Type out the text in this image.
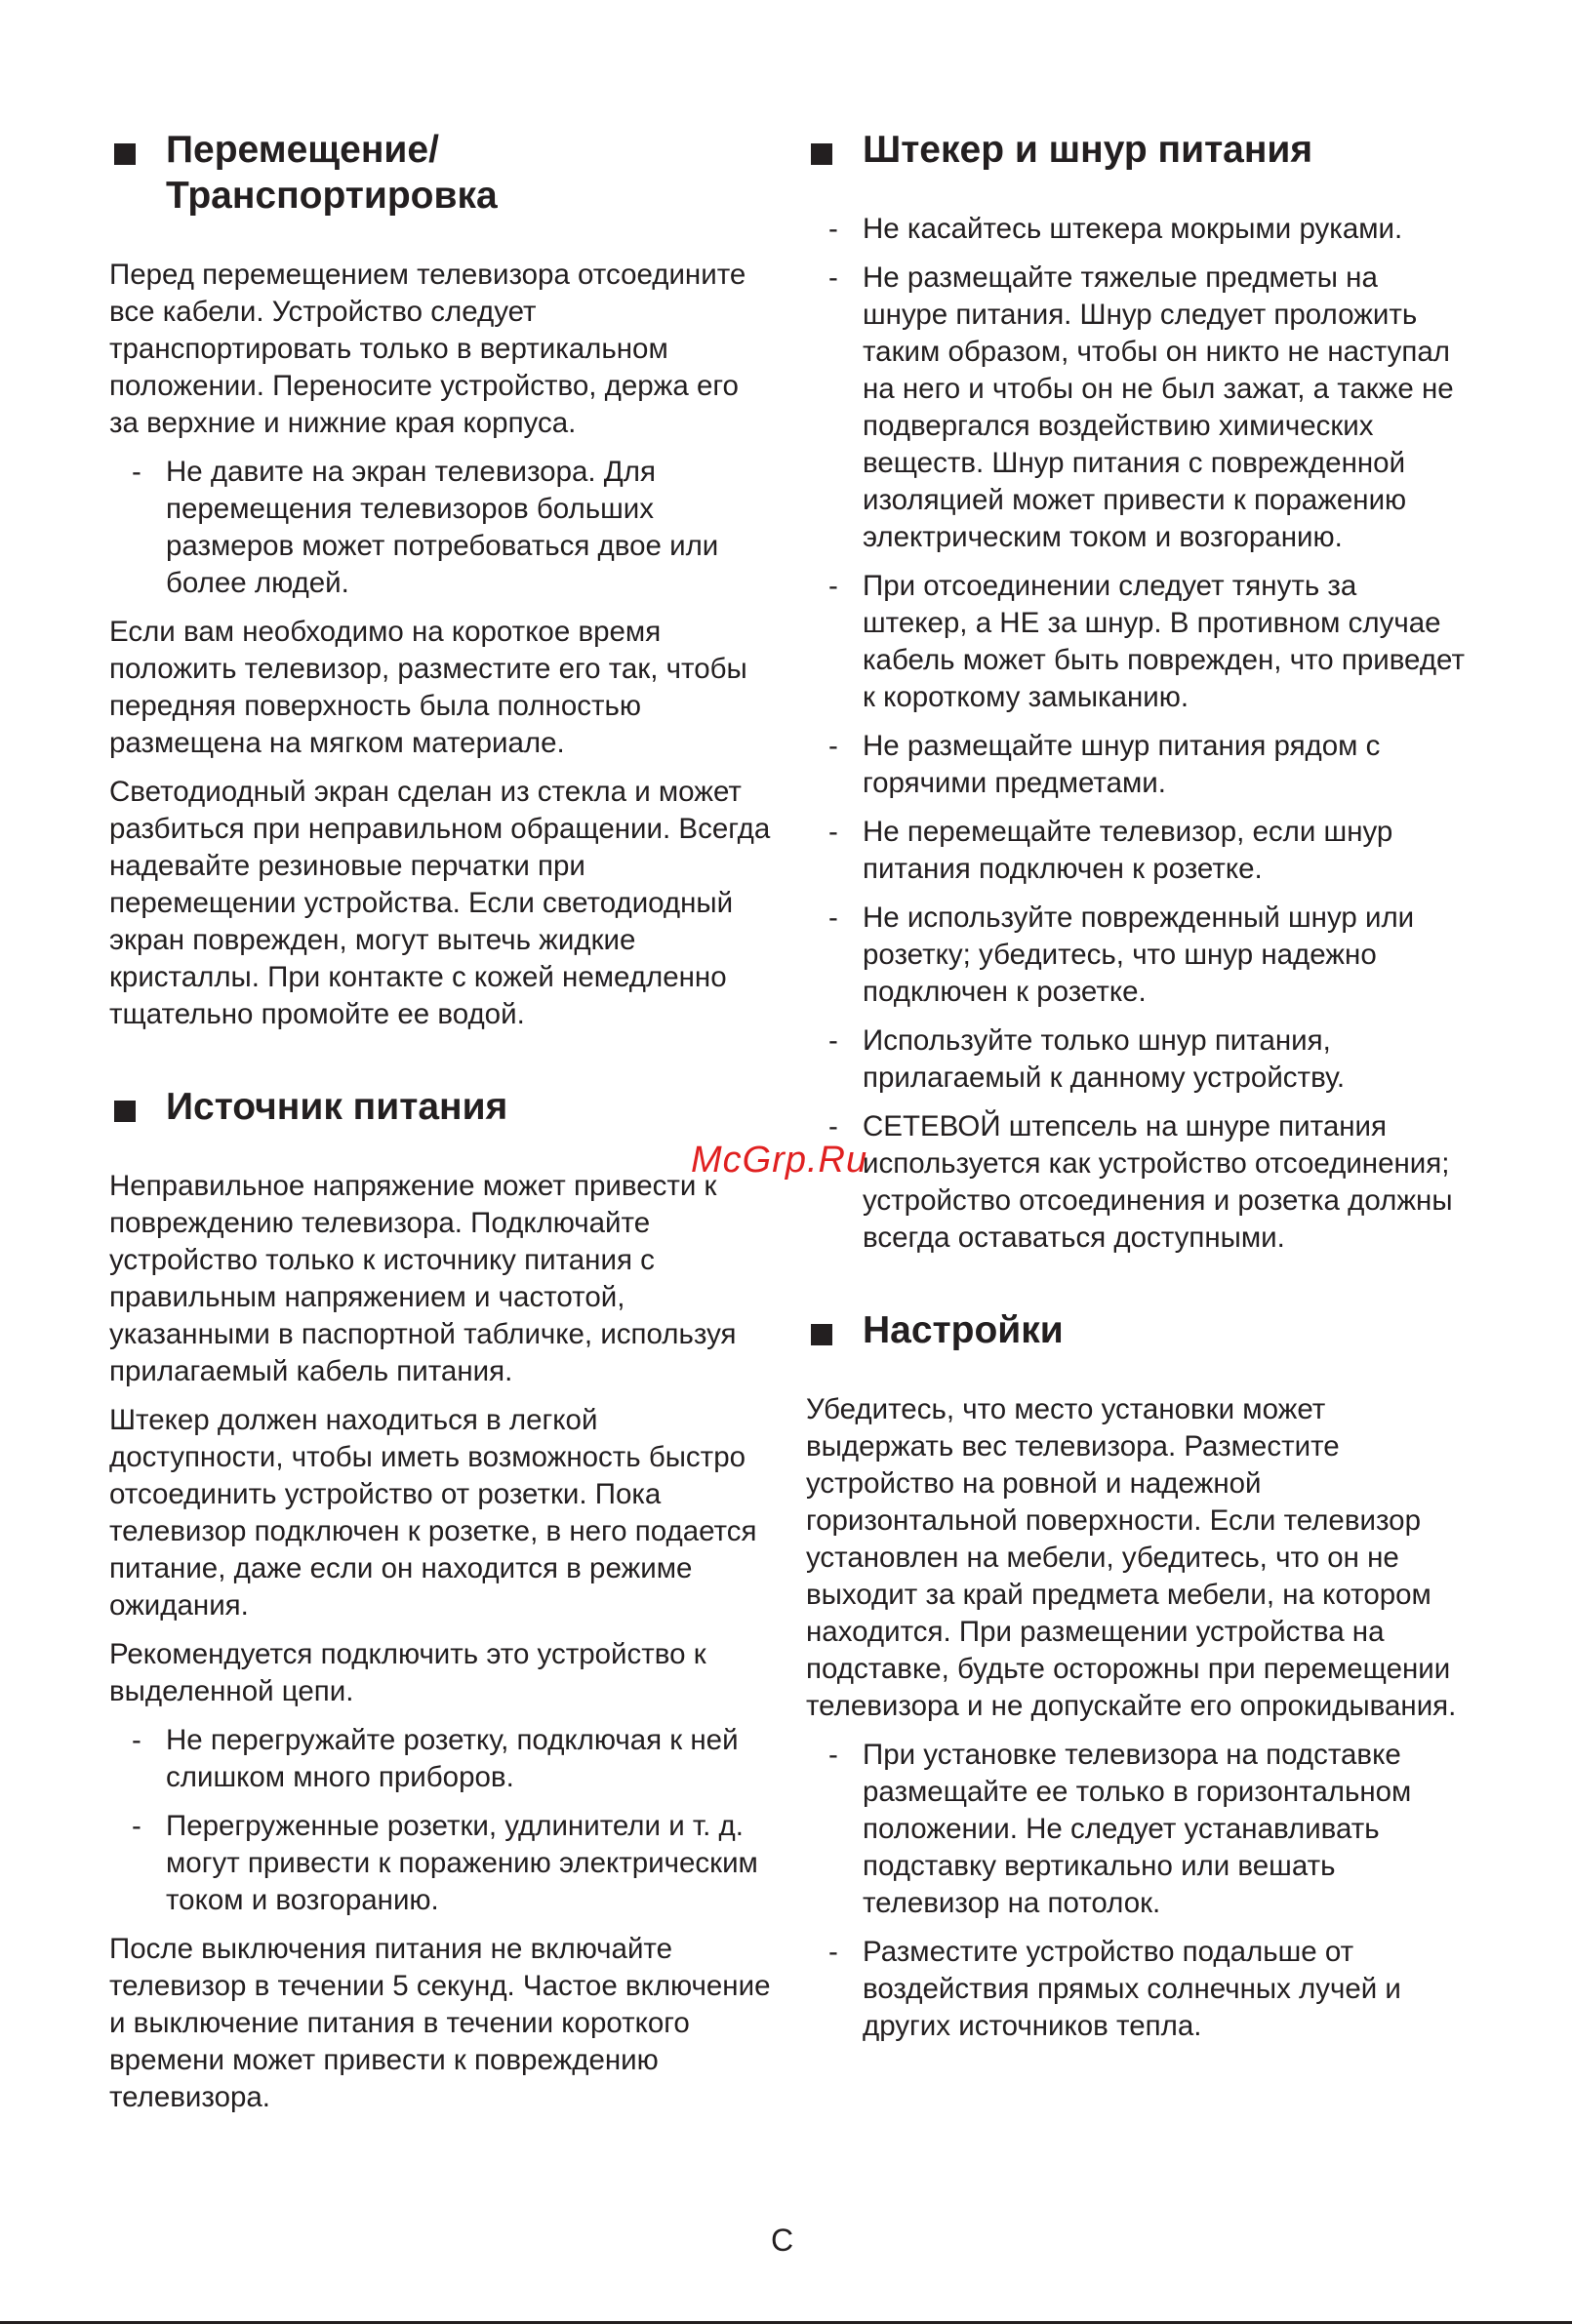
Перемещение/
Транспортировка

Перед перемещением телевизора отсоедините все кабели. Устройство следует транспортировать только в вертикальном положении. Переносите устройство, держа его за верхние и нижние края корпуса.

- Не давите на экран телевизора. Для перемещения телевизоров больших размеров может потребоваться двое или более людей.

Если вам необходимо на короткое время положить телевизор, разместите его так, чтобы передняя поверхность была полностью размещена на мягком материале.

Светодиодный экран сделан из стекла и может разбиться при неправильном обращении. Всегда надевайте резиновые перчатки при перемещении устройства. Если светодиодный экран поврежден, могут вытечь жидкие кристаллы. При контакте с кожей немедленно тщательно промойте ее водой.

Источник питания

Неправильное напряжение может привести к повреждению телевизора. Подключайте устройство только к источнику питания с правильным напряжением и частотой, указанными в паспортной табличке, используя прилагаемый кабель питания.

Штекер должен находиться в легкой доступности, чтобы иметь возможность быстро отсоединить устройство от розетки. Пока телевизор подключен к розетке, в него подается питание, даже если он находится в режиме ожидания.

Рекомендуется подключить это устройство к выделенной цепи.

- Не перегружайте розетку, подключая к ней слишком много приборов.
- Перегруженные розетки, удлинители и т. д. могут привести к поражению электрическим током и возгоранию.

После выключения питания не включайте телевизор в течении 5 секунд. Частое включение и выключение питания в течении короткого времени может привести к повреждению телевизора.

Штекер и шнур питания
- Не касайтесь штекера мокрыми руками.
- Не размещайте тяжелые предметы на шнуре питания. Шнур следует проложить таким образом, чтобы он никто не наступал на него и чтобы он не был зажат, а также не подвергался воздействию химических веществ. Шнур питания с поврежденной изоляцией может привести к поражению электрическим током и возгоранию.
- При отсоединении следует тянуть за штекер, а НЕ за шнур. В противном случае кабель может быть поврежден, что приведет к короткому замыканию.
- Не размещайте шнур питания рядом с горячими предметами.
- Не перемещайте телевизор, если шнур питания подключен к розетке.
- Не используйте поврежденный шнур или розетку; убедитесь, что шнур надежно подключен к розетке.
- Используйте только шнур питания, прилагаемый к данному устройству.
- СЕТЕВОЙ штепсель на шнуре питания используется как устройство отсоединения; устройство отсоединения и розетка должны всегда оставаться доступными.
Настройки

Убедитесь, что место установки может выдержать вес телевизора. Разместите устройство на ровной и надежной горизонтальной поверхности. Если телевизор установлен на мебели, убедитесь, что он не выходит за край предмета мебели, на котором находится. При размещении устройства на подставке, будьте осторожны при перемещении телевизора и не допускайте его опрокидывания.

- При установке телевизора на подставке размещайте ее только в горизонтальном положении. Не следует устанавливать подставку вертикально или вешать телевизор на потолок.
- Разместите устройство подальше от воздействия прямых солнечных лучей и других источников тепла.
McGrp.Ru
C
